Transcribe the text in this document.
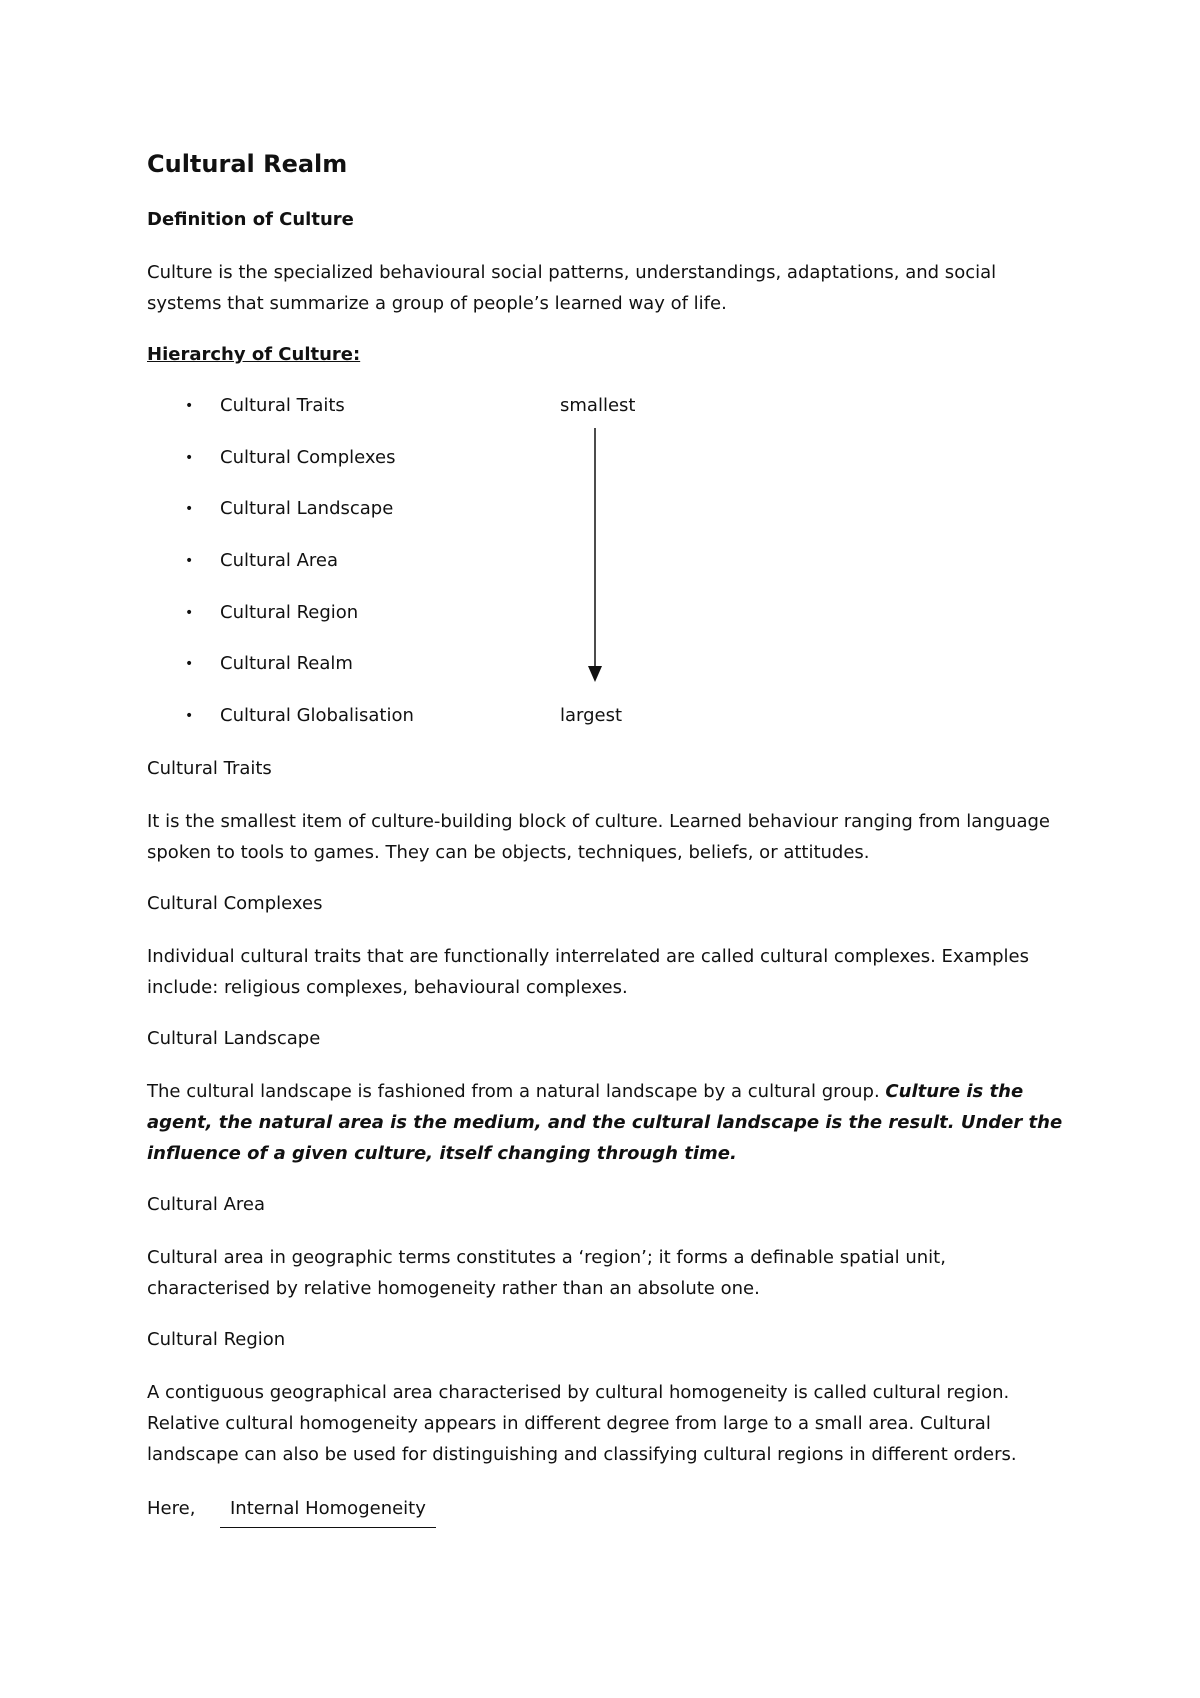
Cultural Realm
Definition of Culture
Culture is the specialized behavioural social patterns, understandings, adaptations, and social systems that summarize a group of people’s learned way of life.
Hierarchy of Culture:
• Cultural Traits
• Cultural Complexes
• Cultural Landscape
• Cultural Area
• Cultural Region
• Cultural Realm
• Cultural Globalisation
smallest
largest
Cultural Traits
It is the smallest item of culture-building block of culture. Learned behaviour ranging from language spoken to tools to games. They can be objects, techniques, beliefs, or attitudes.
Cultural Complexes
Individual cultural traits that are functionally interrelated are called cultural complexes. Examples include: religious complexes, behavioural complexes.
Cultural Landscape
The cultural landscape is fashioned from a natural landscape by a cultural group. Culture is the agent, the natural area is the medium, and the cultural landscape is the result. Under the influence of a given culture, itself changing through time.
Cultural Area
Cultural area in geographic terms constitutes a ‘region’; it forms a definable spatial unit, characterised by relative homogeneity rather than an absolute one.
Cultural Region
A contiguous geographical area characterised by cultural homogeneity is called cultural region. Relative cultural homogeneity appears in different degree from large to a small area. Cultural landscape can also be used for distinguishing and classifying cultural regions in different orders.
Here, Internal Homogeneity
